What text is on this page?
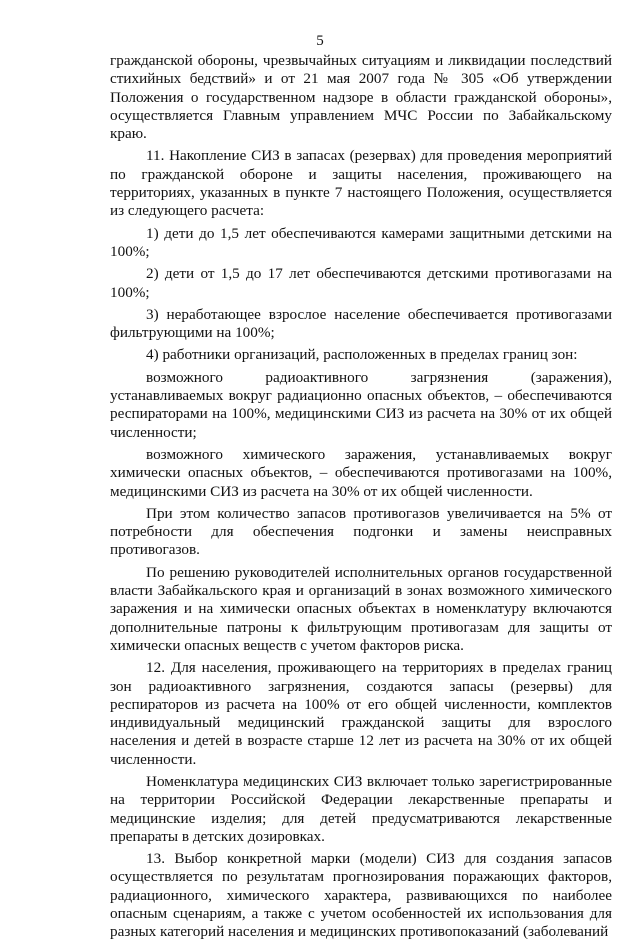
5

гражданской обороны, чрезвычайных ситуациям и ликвидации последствий стихийных бедствий» и от 21 мая 2007 года № 305 «Об утверждении Положения о государственном надзоре в области гражданской обороны», осуществляется Главным управлением МЧС России по Забайкальскому краю.

11. Накопление СИЗ в запасах (резервах) для проведения мероприятий по гражданской обороне и защиты населения, проживающего на территориях, указанных в пункте 7 настоящего Положения, осуществляется из следующего расчета:

1) дети до 1,5 лет обеспечиваются камерами защитными детскими на 100%;

2) дети от 1,5 до 17 лет обеспечиваются детскими противогазами на 100%;

3) неработающее взрослое население обеспечивается противогазами фильтрующими на 100%;

4) работники организаций, расположенных в пределах границ зон:

возможного радиоактивного загрязнения (заражения), устанавливаемых вокруг радиационно опасных объектов, – обеспечиваются респираторами на 100%, медицинскими СИЗ из расчета на 30% от их общей численности;

возможного химического заражения, устанавливаемых вокруг химически опасных объектов, – обеспечиваются противогазами на 100%, медицинскими СИЗ из расчета на 30% от их общей численности.

При этом количество запасов противогазов увеличивается на 5% от потребности для обеспечения подгонки и замены неисправных противогазов.

По решению руководителей исполнительных органов государственной власти Забайкальского края и организаций в зонах возможного химического заражения и на химически опасных объектах в номенклатуру включаются дополнительные патроны к фильтрующим противогазам для защиты от химически опасных веществ с учетом факторов риска.

12. Для населения, проживающего на территориях в пределах границ зон радиоактивного загрязнения, создаются запасы (резервы) для респираторов из расчета на 100% от его общей численности, комплектов индивидуальный медицинский гражданской защиты для взрослого населения и детей в возрасте старше 12 лет из расчета на 30% от их общей численности.

Номенклатура медицинских СИЗ включает только зарегистрированные на территории Российской Федерации лекарственные препараты и медицинские изделия; для детей предусматриваются лекарственные препараты в детских дозировках.

13. Выбор конкретной марки (модели) СИЗ для создания запасов осуществляется по результатам прогнозирования поражающих факторов, радиационного, химического характера, развивающихся по наиболее опасным сценариям, а также с учетом особенностей их использования для разных категорий населения и медицинских противопоказаний (заболеваний
